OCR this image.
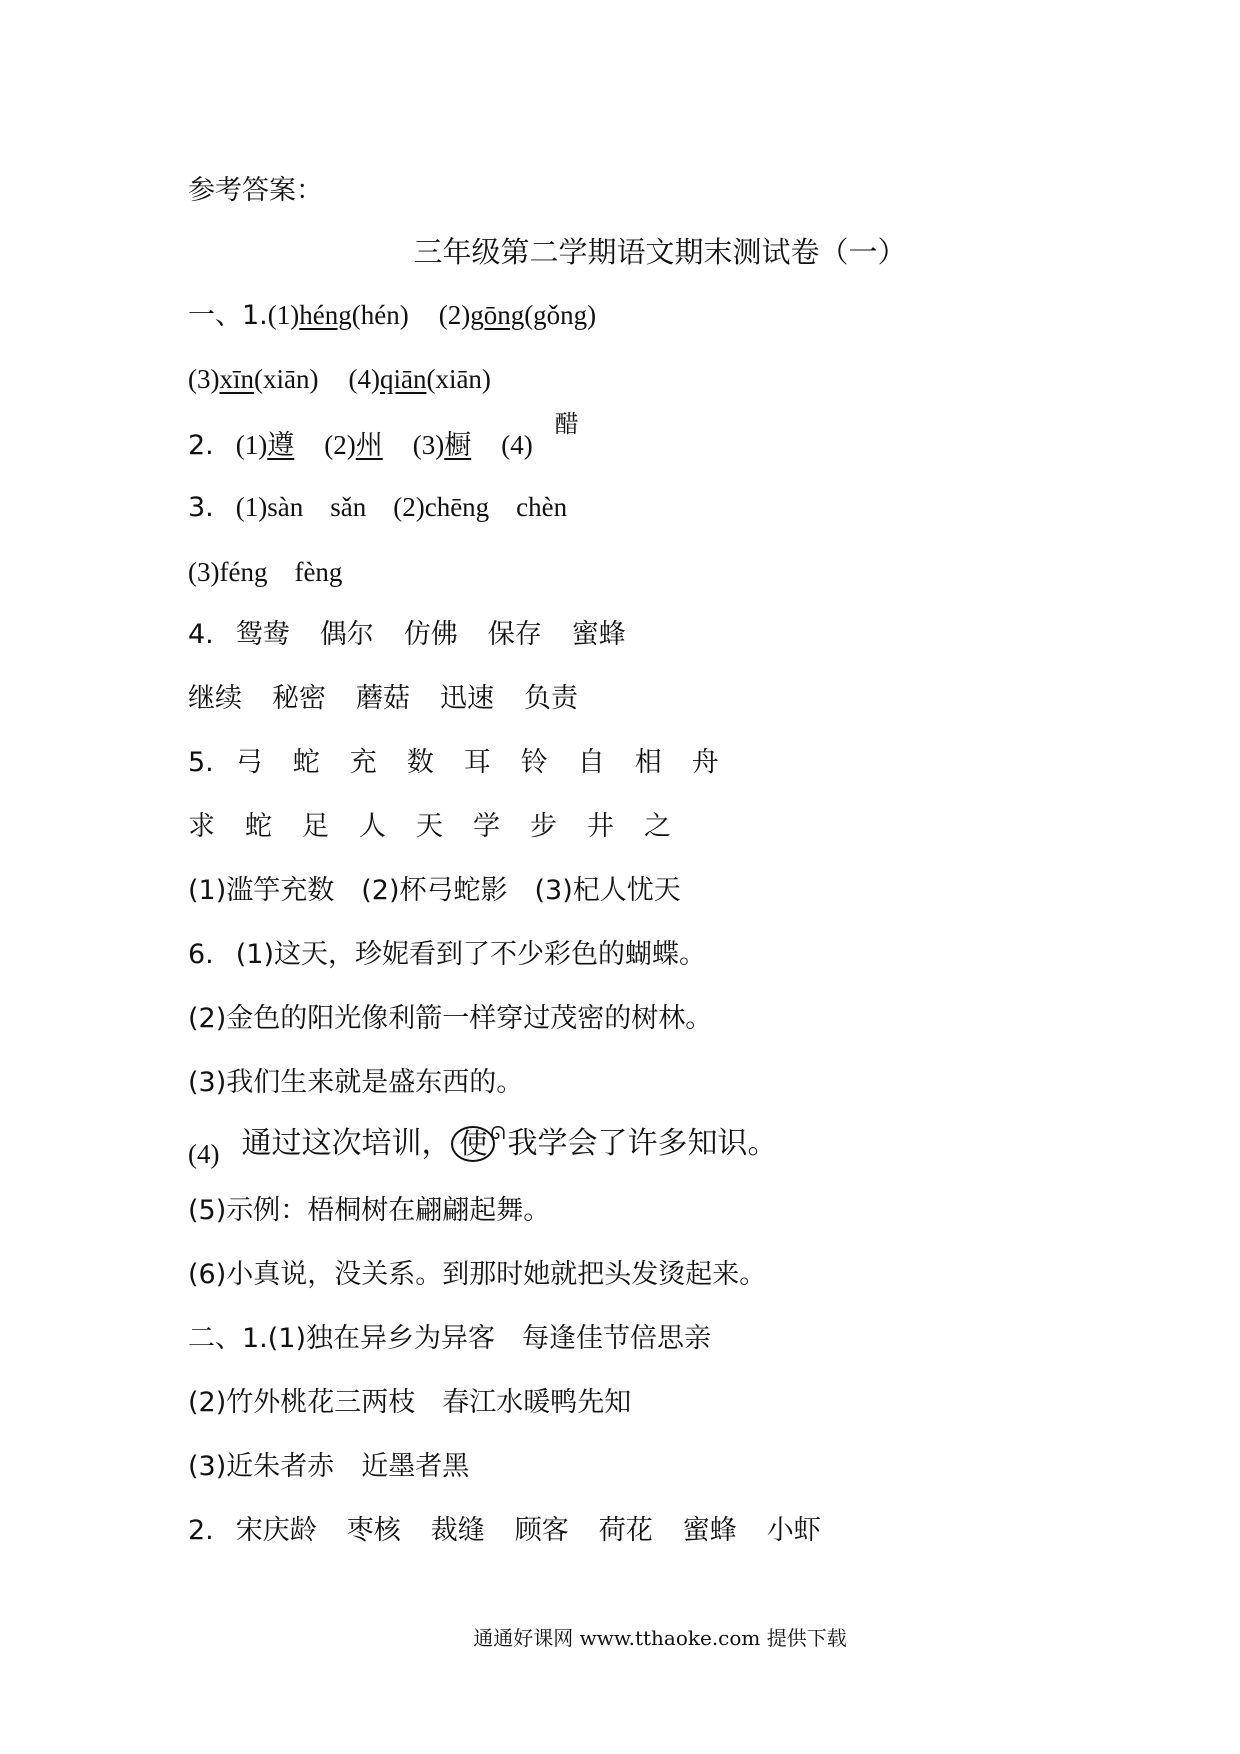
参考答案：
三年级第二学期语文期末测试卷（一）
一、1.(1)héng(hén) (2)gōng(gǒng)
(3)xīn(xiān) (4)qiān(xiān)
2. (1)遵 (2)州 (3)橱 (4)醋
3. (1)sàn　sǎn　(2)chēng　chèn
(3)féng　fèng
4. 鸳鸯 偶尔 仿佛 保存 蜜蜂
继续 秘密 蘑菇 迅速 负责
5. 弓 蛇 充 数 耳 铃 自 相 舟
求 蛇 足 人 天 学 步 井 之
(1)滥竽充数　(2)杯弓蛇影　(3)杞人忧天
6. (1)这天，珍妮看到了不少彩色的蝴蝶。
(2)金色的阳光像利箭一样穿过茂密的树林。
(3)我们生来就是盛东西的。
(4) 通过这次培训， 使 ᘏ 我学会了许多知识。
(5)示例：梧桐树在翩翩起舞。
(6)小真说，没关系。到那时她就把头发烫起来。
二、1.(1)独在异乡为异客　每逢佳节倍思亲
(2)竹外桃花三两枝　春江水暖鸭先知
(3)近朱者赤　近墨者黑
2. 宋庆龄 枣核 裁缝 顾客 荷花 蜜蜂 小虾
通通好课网 www.tthaoke.com 提供下载
